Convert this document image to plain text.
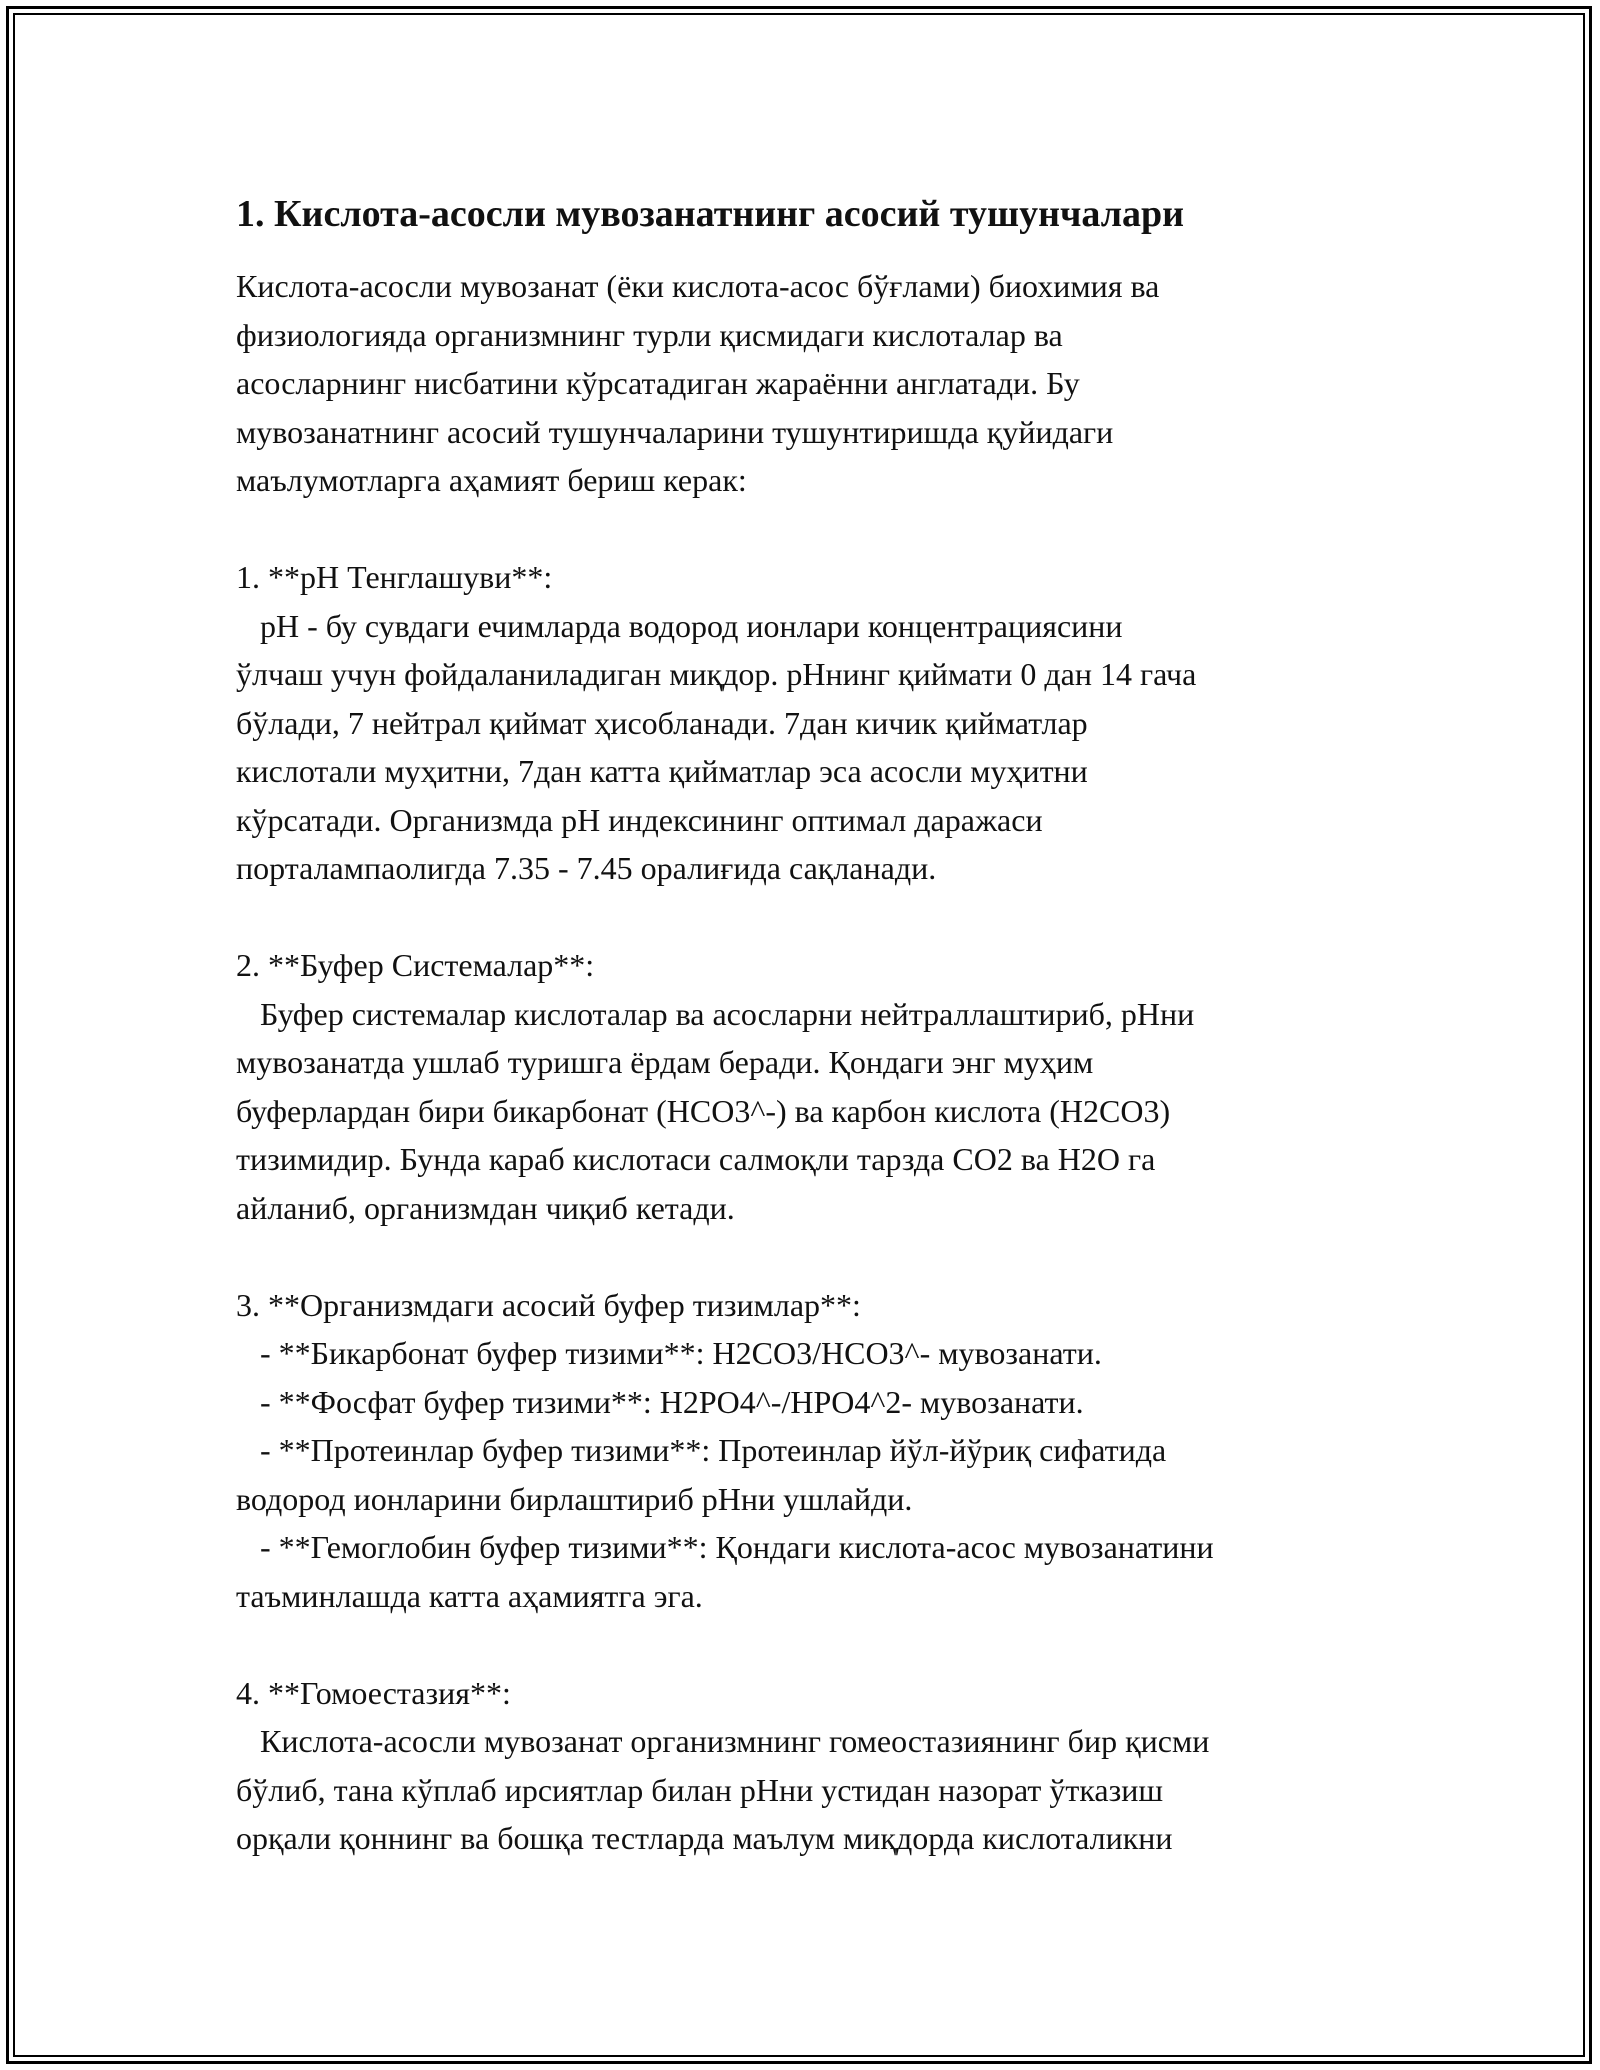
1. Кислота-асосли мувозанатнинг асосий тушунчалари

Кислота-асосли мувозанат (ёки кислота-асос бўғлами) биохимия ва
физиологияда организмнинг турли қисмидаги кислоталар ва
асосларнинг нисбатини кўрсатадиган жараённи англатади. Бу
мувозанатнинг асосий тушунчаларини тушунтиришда қуйидаги
маълумотларга аҳамият бериш керак:

1. **pH Тенглашуви**:
pH - бу сувдаги ечимларда водород ионлари концентрациясини
ўлчаш учун фойдаланиладиган миқдор. pHнинг қиймати 0 дан 14 гача
бўлади, 7 нейтрал қиймат ҳисобланади. 7дан кичик қийматлар
кислотали муҳитни, 7дан катта қийматлар эса асосли муҳитни
кўрсатади. Организмда pH индексининг оптимал даражаси
порталампаолигда 7.35 - 7.45 оралиғида сақланади.

2. **Буфер Системалар**:
Буфер системалар кислоталар ва асосларни нейтраллаштириб, pHни
мувозанатда ушлаб туришга ёрдам беради. Қондаги энг муҳим
буферлардан бири бикарбонат (HCO3^-) ва карбон кислота (H2CO3)
тизимидир. Бунда караб кислотаси салмоқли тарзда CO2 ва H2O га
айланиб, организмдан чиқиб кетади.

3. **Организмдаги асосий буфер тизимлар**:
- **Бикарбонат буфер тизими**: H2CO3/HCO3^- мувозанати.
- **Фосфат буфер тизими**: H2PO4^-/HPO4^2- мувозанати.
- **Протеинлар буфер тизими**: Протеинлар йўл-йўриқ сифатида
водород ионларини бирлаштириб pHни ушлайди.
- **Гемоглобин буфер тизими**: Қондаги кислота-асос мувозанатини
таъминлашда катта аҳамиятга эга.

4. **Гомоестазия**:
Кислота-асосли мувозанат организмнинг гомеостазиянинг бир қисми
бўлиб, тана кўплаб ирсиятлар билан pHни устидан назорат ўтказиш
орқали қоннинг ва бошқа тестларда маълум миқдорда кислоталикни
